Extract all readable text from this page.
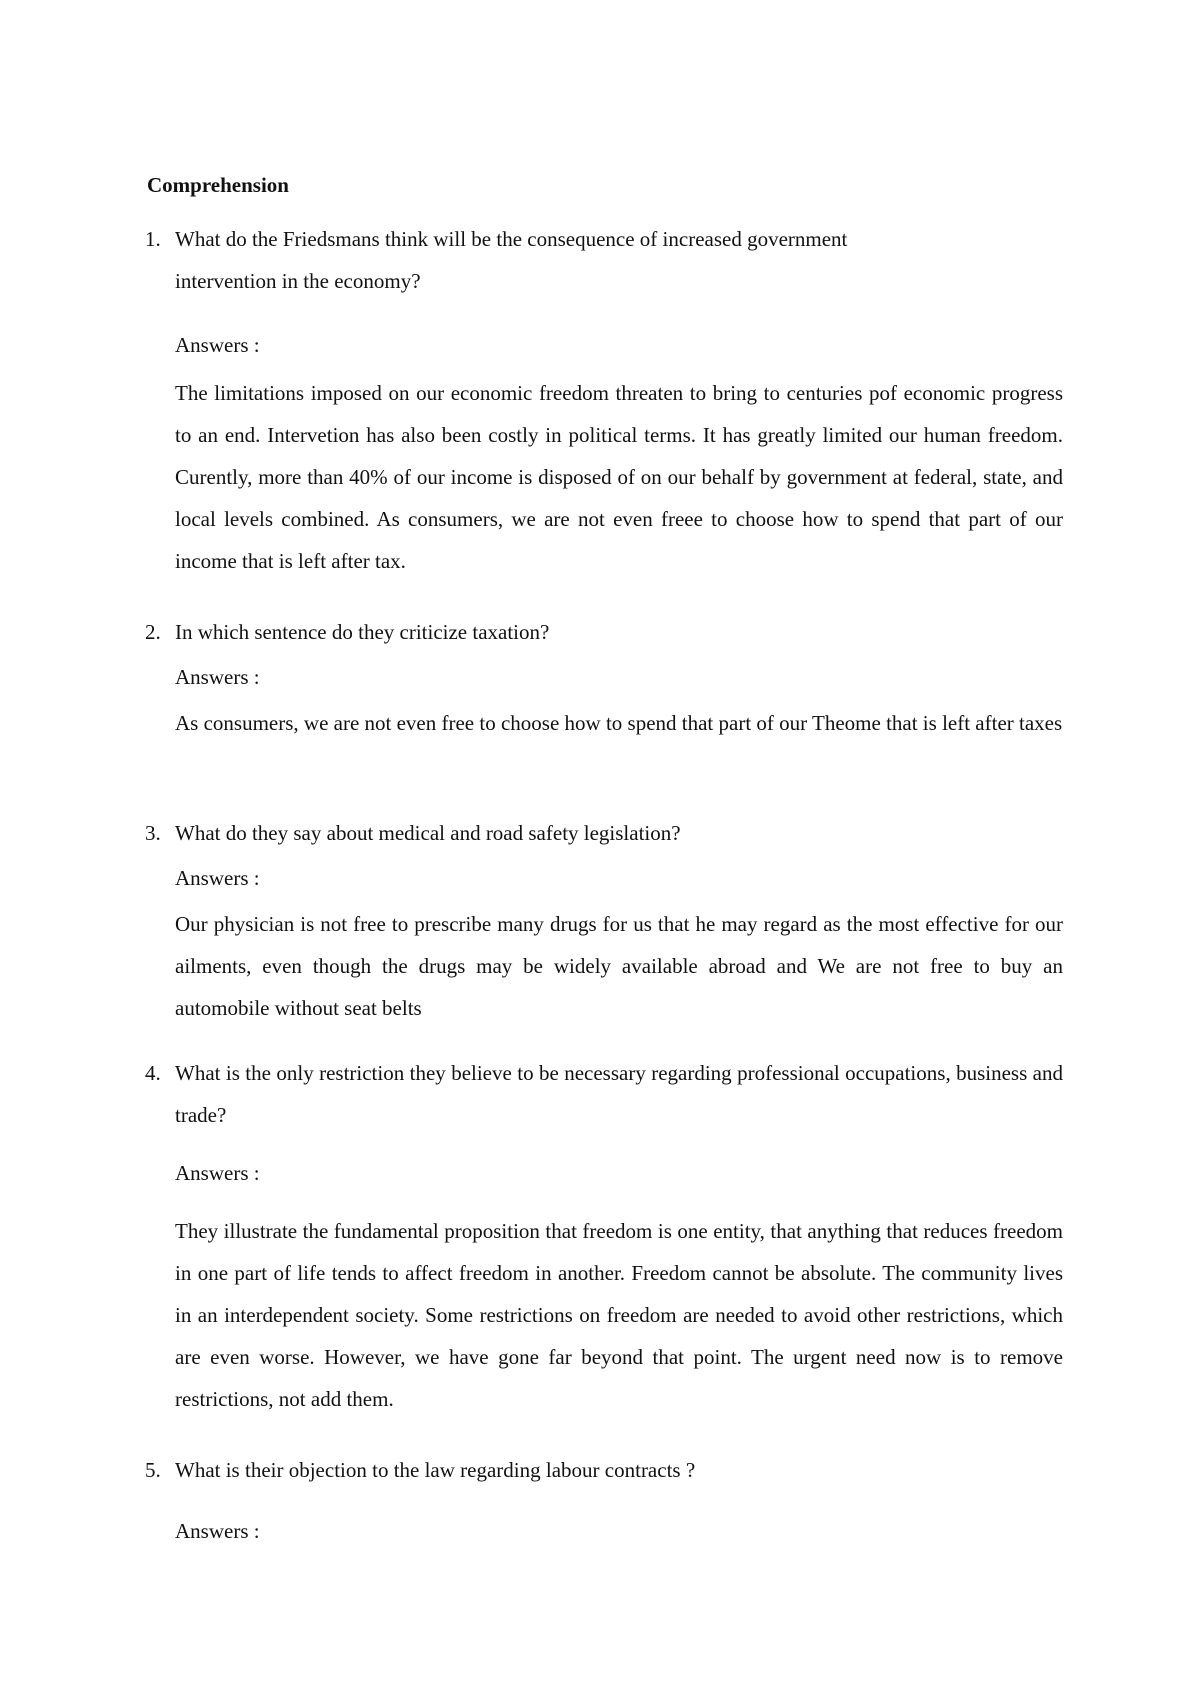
Comprehension
1. What do the Friedsmans think will be the consequence of increased government intervention in the economy?
Answers :
The limitations imposed on our economic freedom threaten to bring to centuries pof economic progress to an end. Intervetion has also been costly in political terms. It has greatly limited our human freedom. Curently, more than 40% of our income is disposed of on our behalf by government at federal, state, and local levels combined. As consumers, we are not even freee to choose how to spend that part of our income that is left after tax.
2. In which sentence do they criticize taxation?
Answers :
As consumers, we are not even free to choose how to spend that part of our Theome that is left after taxes
3. What do they say about medical and road safety legislation?
Answers :
Our physician is not free to prescribe many drugs for us that he may regard as the most effective for our ailments, even though the drugs may be widely available abroad and We are not free to buy an automobile without seat belts
4. What is the only restriction they believe to be necessary regarding professional occupations, business and trade?
Answers :
They illustrate the fundamental proposition that freedom is one entity, that anything that reduces freedom in one part of life tends to affect freedom in another. Freedom cannot be absolute. The community lives in an interdependent society. Some restrictions on freedom are needed to avoid other restrictions, which are even worse. However, we have gone far beyond that point. The urgent need now is to remove restrictions, not add them.
5. What is their objection to the law regarding labour contracts ?
Answers :
